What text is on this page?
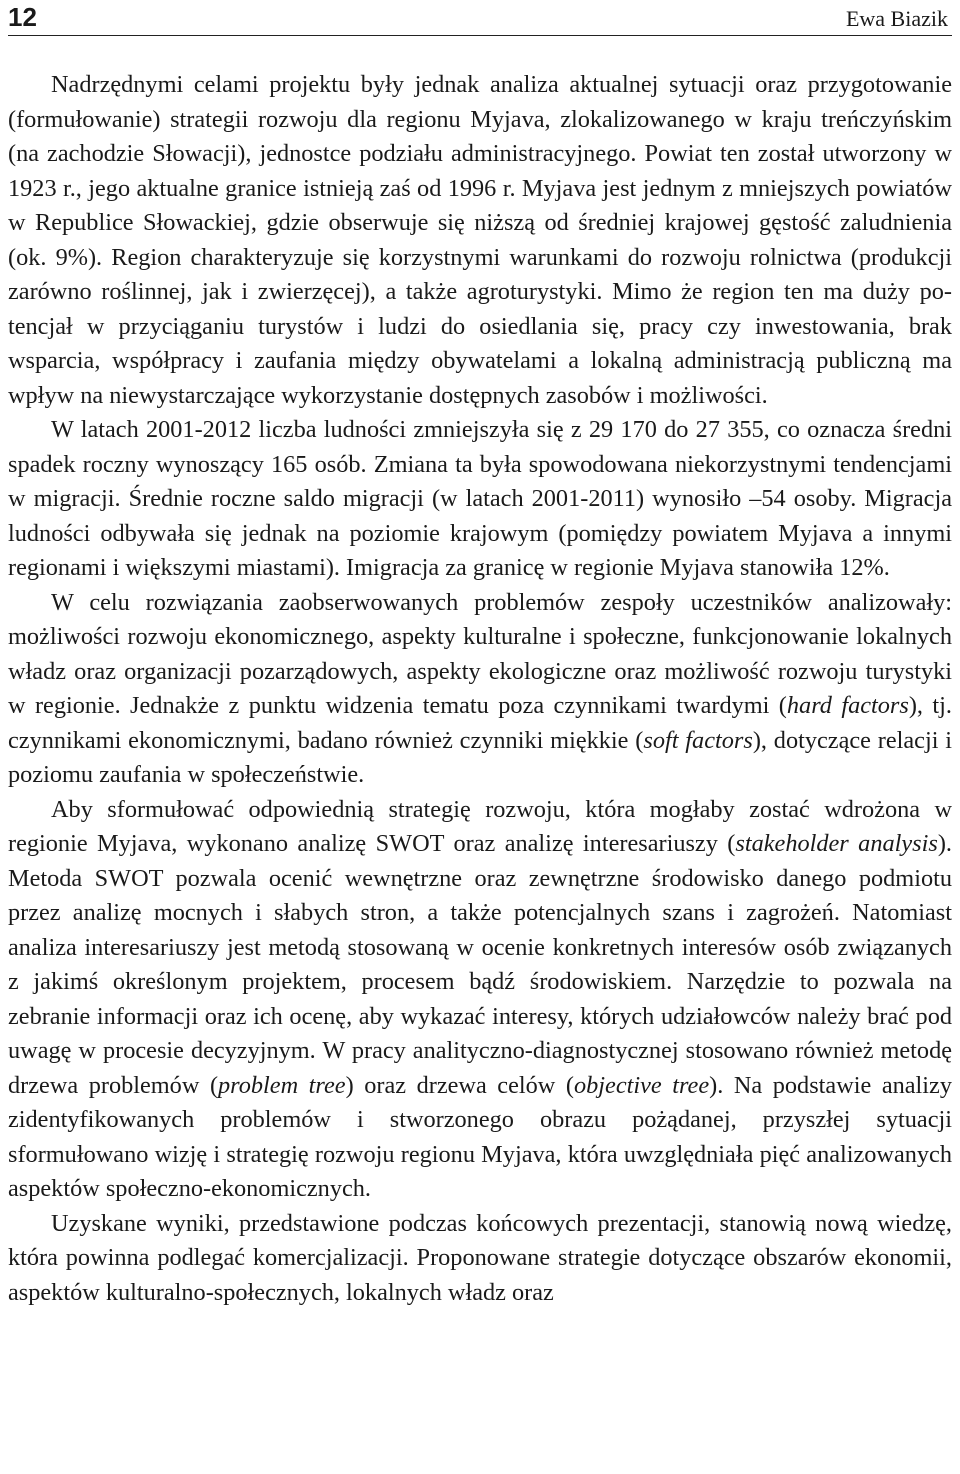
12	Ewa Biazik

Nadrzędnymi celami projektu były jednak analiza aktualnej sytuacji oraz przygotowanie (formułowanie) strategii rozwoju dla regionu Myjava, zlokalizowanego w kraju treńczyńskim (na zachodzie Słowacji), jednostce podziału administracyjnego. Powiat ten został utworzony w 1923 r., jego aktualne granice istnieją zaś od 1996 r. Myjava jest jednym z mniejszych powiatów w Republice Słowackiej, gdzie obserwuje się niższą od średniej krajowej gęstość zaludnienia (ok. 9%). Region charakteryzuje się korzystnymi warunkami do rozwoju rolnictwa (produkcji zarówno roślinnej, jak i zwierzęcej), a także agroturystyki. Mimo że region ten ma duży potencjał w przyciąganiu turystów i ludzi do osiedlania się, pracy czy inwestowania, brak wsparcia, współpracy i zaufania między obywatelami a lokalną administracją publiczną ma wpływ na niewystarczające wykorzystanie dostępnych zasobów i możliwości.

W latach 2001-2012 liczba ludności zmniejszyła się z 29 170 do 27 355, co oznacza średni spadek roczny wynoszący 165 osób. Zmiana ta była spowodowana niekorzystnymi tendencjami w migracji. Średnie roczne saldo migracji (w latach 2001-2011) wynosiło –54 osoby. Migracja ludności odbywała się jednak na poziomie krajowym (pomiędzy powiatem Myjava a innymi regionami i większymi miastami). Imigracja za granicę w regionie Myjava stanowiła 12%.

W celu rozwiązania zaobserwowanych problemów zespoły uczestników analizowały: możliwości rozwoju ekonomicznego, aspekty kulturalne i społeczne, funkcjonowanie lokalnych władz oraz organizacji pozarządowych, aspekty ekologiczne oraz możliwość rozwoju turystyki w regionie. Jednakże z punktu widzenia tematu poza czynnikami twardymi (hard factors), tj. czynnikami ekonomicznymi, badano również czynniki miękkie (soft factors), dotyczące relacji i poziomu zaufania w społeczeństwie.

Aby sformułować odpowiednią strategię rozwoju, która mogłaby zostać wdrożona w regionie Myjava, wykonano analizę SWOT oraz analizę interesariuszy (stakeholder analysis). Metoda SWOT pozwala ocenić wewnętrzne oraz zewnętrzne środowisko danego podmiotu przez analizę mocnych i słabych stron, a także potencjalnych szans i zagrożeń. Natomiast analiza interesariuszy jest metodą stosowaną w ocenie konkretnych interesów osób związanych z jakimś określonym projektem, procesem bądź środowiskiem. Narzędzie to pozwala na zebranie informacji oraz ich ocenę, aby wykazać interesy, których udziałowców należy brać pod uwagę w procesie decyzyjnym. W pracy analityczno-diagnostycznej stosowano również metodę drzewa problemów (problem tree) oraz drzewa celów (objective tree). Na podstawie analizy zidentyfikowanych problemów i stworzonego obrazu pożądanej, przyszłej sytuacji sformułowano wizję i strategię rozwoju regionu Myjava, która uwzględniała pięć analizowanych aspektów społeczno-ekonomicznych.

Uzyskane wyniki, przedstawione podczas końcowych prezentacji, stanowią nową wiedzę, która powinna podlegać komercjalizacji. Proponowane strategie dotyczące obszarów ekonomii, aspektów kulturalno-społecznych, lokalnych władz oraz
